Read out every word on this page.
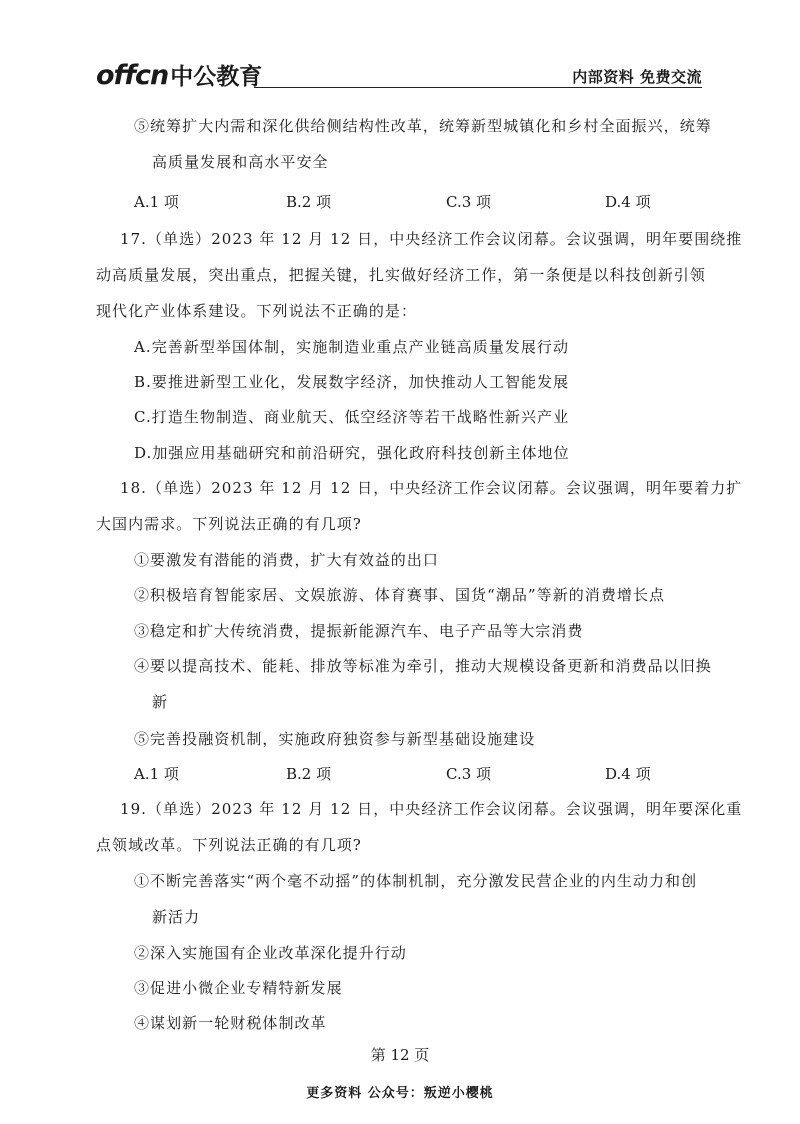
offcn中公教育	内部资料 免费交流
⑤统筹扩大内需和深化供给侧结构性改革，统筹新型城镇化和乡村全面振兴，统筹
高质量发展和高水平安全
A.1 项	B.2 项	C.3 项	D.4 项
17.（单选）2023 年 12 月 12 日，中央经济工作会议闭幕。会议强调，明年要围绕推
动高质量发展，突出重点，把握关键，扎实做好经济工作，第一条便是以科技创新引领
现代化产业体系建设。下列说法不正确的是：
A.完善新型举国体制，实施制造业重点产业链高质量发展行动
B.要推进新型工业化，发展数字经济，加快推动人工智能发展
C.打造生物制造、商业航天、低空经济等若干战略性新兴产业
D.加强应用基础研究和前沿研究，强化政府科技创新主体地位
18.（单选）2023 年 12 月 12 日，中央经济工作会议闭幕。会议强调，明年要着力扩
大国内需求。下列说法正确的有几项?
①要激发有潜能的消费，扩大有效益的出口
②积极培育智能家居、文娱旅游、体育赛事、国货“潮品”等新的消费增长点
③稳定和扩大传统消费，提振新能源汽车、电子产品等大宗消费
④要以提高技术、能耗、排放等标准为牵引，推动大规模设备更新和消费品以旧换
新
⑤完善投融资机制，实施政府独资参与新型基础设施建设
A.1 项	B.2 项	C.3 项	D.4 项
19.（单选）2023 年 12 月 12 日，中央经济工作会议闭幕。会议强调，明年要深化重
点领域改革。下列说法正确的有几项?
①不断完善落实“两个毫不动摇”的体制机制，充分激发民营企业的内生动力和创
新活力
②深入实施国有企业改革深化提升行动
③促进小微企业专精特新发展
④谋划新一轮财税体制改革
第 12 页
更多资料 公众号：叛逆小樱桃
